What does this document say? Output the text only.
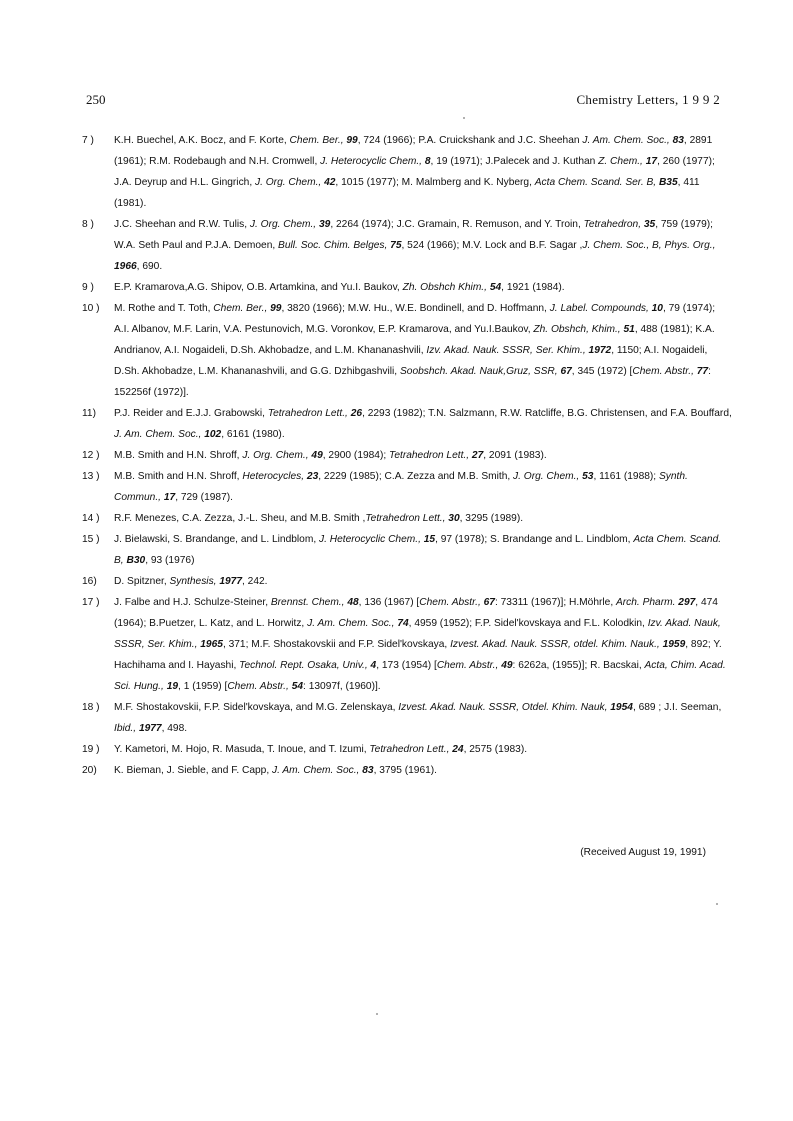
250	Chemistry Letters, 1 9 9 2
7 )	K.H. Buechel, A.K. Bocz, and F. Korte, Chem. Ber., 99, 724 (1966); P.A. Cruickshank and J.C. Sheehan J. Am. Chem. Soc., 83, 2891 (1961); R.M. Rodebaugh and N.H. Cromwell, J. Heterocyclic Chem., 8, 19 (1971); J.Palecek and J. Kuthan Z. Chem., 17, 260 (1977); J.A. Deyrup and H.L. Gingrich, J. Org. Chem., 42, 1015 (1977); M. Malmberg and K. Nyberg, Acta Chem. Scand. Ser. B, B35, 411 (1981).
8 )	J.C. Sheehan and R.W. Tulis, J. Org. Chem., 39, 2264 (1974); J.C. Gramain, R. Remuson, and Y. Troin, Tetrahedron, 35, 759 (1979); W.A. Seth Paul and P.J.A. Demoen, Bull. Soc. Chim. Belges, 75, 524 (1966); M.V. Lock and B.F. Sagar ,J. Chem. Soc., B, Phys. Org., 1966, 690.
9 )	E.P. Kramarova,A.G. Shipov, O.B. Artamkina, and Yu.I. Baukov, Zh. Obshch Khim., 54, 1921 (1984).
10 )	M. Rothe and T. Toth, Chem. Ber., 99, 3820 (1966); M.W. Hu., W.E. Bondinell, and D. Hoffmann, J. Label. Compounds, 10, 79 (1974); A.I. Albanov, M.F. Larin, V.A. Pestunovich, M.G. Voronkov, E.P. Kramarova, and Yu.I.Baukov, Zh. Obshch, Khim., 51, 488 (1981); K.A. Andrianov, A.I. Nogaideli, D.Sh. Akhobadze, and L.M. Khananashvili, Izv. Akad. Nauk. SSSR, Ser. Khim., 1972, 1150; A.I. Nogaideli, D.Sh. Akhobadze, L.M. Khananashvili, and G.G. Dzhibgashvili, Soobshch. Akad. Nauk,Gruz, SSR, 67, 345 (1972) [Chem. Abstr., 77: 152256f (1972)].
11)	P.J. Reider and E.J.J. Grabowski, Tetrahedron Lett., 26, 2293 (1982); T.N. Salzmann, R.W. Ratcliffe, B.G. Christensen, and F.A. Bouffard, J. Am. Chem. Soc., 102, 6161 (1980).
12 )	M.B. Smith and H.N. Shroff, J. Org. Chem., 49, 2900 (1984); Tetrahedron Lett., 27, 2091 (1983).
13 )	M.B. Smith and H.N. Shroff, Heterocycles, 23, 2229 (1985); C.A. Zezza and M.B. Smith, J. Org. Chem., 53, 1161 (1988); Synth. Commun., 17, 729 (1987).
14 )	R.F. Menezes, C.A. Zezza, J.-L. Sheu, and M.B. Smith ,Tetrahedron Lett., 30, 3295 (1989).
15 )	J. Bielawski, S. Brandange, and L. Lindblom, J. Heterocyclic Chem., 15, 97 (1978); S. Brandange and L. Lindblom, Acta Chem. Scand. B, B30, 93 (1976)
16)	D. Spitzner, Synthesis, 1977, 242.
17 )	J. Falbe and H.J. Schulze-Steiner, Brennst. Chem., 48, 136 (1967) [Chem. Abstr., 67: 73311 (1967)]; H.Möhrle, Arch. Pharm. 297, 474 (1964); B.Puetzer, L. Katz, and L. Horwitz, J. Am. Chem. Soc., 74, 4959 (1952); F.P. Sidel'kovskaya and F.L. Kolodkin, Izv. Akad. Nauk, SSSR, Ser. Khim., 1965, 371; M.F. Shostakovskii and F.P. Sidel'kovskaya, Izvest. Akad. Nauk. SSSR, otdel. Khim. Nauk., 1959, 892; Y. Hachihama and I. Hayashi, Technol. Rept. Osaka, Univ., 4, 173 (1954) [Chem. Abstr., 49: 6262a, (1955)]; R. Bacskai, Acta, Chim. Acad. Sci. Hung., 19, 1 (1959) [Chem. Abstr., 54: 13097f, (1960)].
18 )	M.F. Shostakovskii, F.P. Sidel'kovskaya, and M.G. Zelenskaya, Izvest. Akad. Nauk. SSSR, Otdel. Khim. Nauk, 1954, 689 ; J.I. Seeman, Ibid., 1977, 498.
19 )	Y. Kametori, M. Hojo, R. Masuda, T. Inoue, and T. Izumi, Tetrahedron Lett., 24, 2575 (1983).
20)	K. Bieman, J. Sieble, and F. Capp, J. Am. Chem. Soc., 83, 3795 (1961).
(Received August 19, 1991)
